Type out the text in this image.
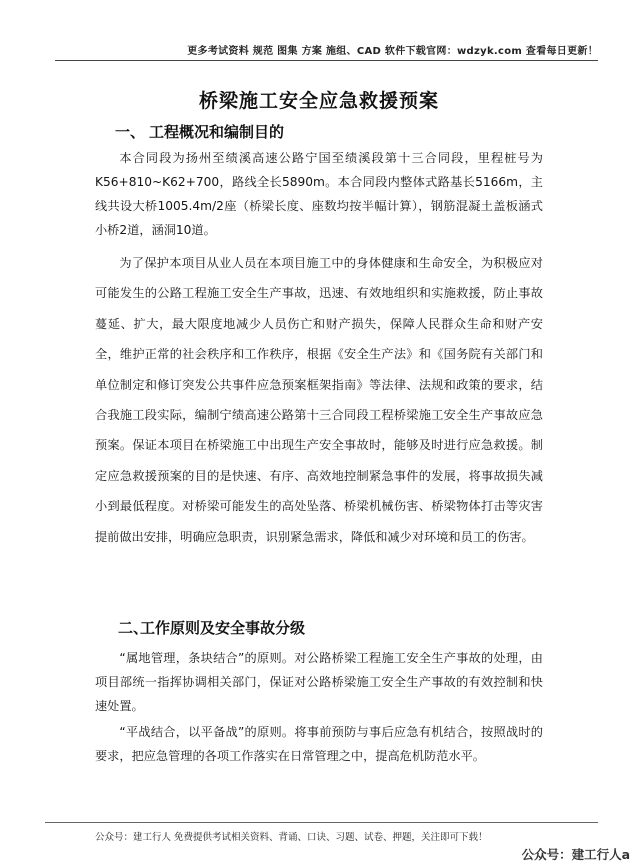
更多考试资料 规范 图集 方案 施组、CAD 软件下载官网：wdzyk.com 查看每日更新！
桥梁施工安全应急救援预案
一、 工程概况和编制目的

本合同段为扬州至绩溪高速公路宁国至绩溪段第十三合同段，里程桩号为K56+810~K62+700，路线全长5890m。本合同段内整体式路基长5166m，主线共设大桥1005.4m/2座（桥梁长度、座数均按半幅计算），钢筋混凝土盖板涵式小桥2道，涵洞10道。

为了保护本项目从业人员在本项目施工中的身体健康和生命安全，为积极应对可能发生的公路工程施工安全生产事故，迅速、有效地组织和实施救援，防止事故蔓延、扩大，最大限度地减少人员伤亡和财产损失，保障人民群众生命和财产安全，维护正常的社会秩序和工作秩序，根据《安全生产法》和《国务院有关部门和单位制定和修订突发公共事件应急预案框架指南》等法律、法规和政策的要求，结合我施工段实际，编制宁绩高速公路第十三合同段工程桥梁施工安全生产事故应急预案。保证本项目在桥梁施工中出现生产安全事故时，能够及时进行应急救援。制定应急救援预案的目的是快速、有序、高效地控制紧急事件的发展，将事故损失减小到最低程度。对桥梁可能发生的高处坠落、桥梁机械伤害、桥梁物体打击等灾害提前做出安排，明确应急职责，识别紧急需求，降低和减少对环境和员工的伤害。

二、工作原则及安全事故分级

“属地管理，条块结合”的原则。对公路桥梁工程施工安全生产事故的处理，由项目部统一指挥协调相关部门，保证对公路桥梁施工安全生产事故的有效控制和快速处置。

“平战结合，以平备战”的原则。将事前预防与事后应急有机结合，按照战时的要求，把应急管理的各项工作落实在日常管理之中，提高危机防范水平。

公众号：建工行人 免费提供考试相关资料、背诵、口诀、习题、试卷、押题，关注即可下载！
公众号：建工行人a
